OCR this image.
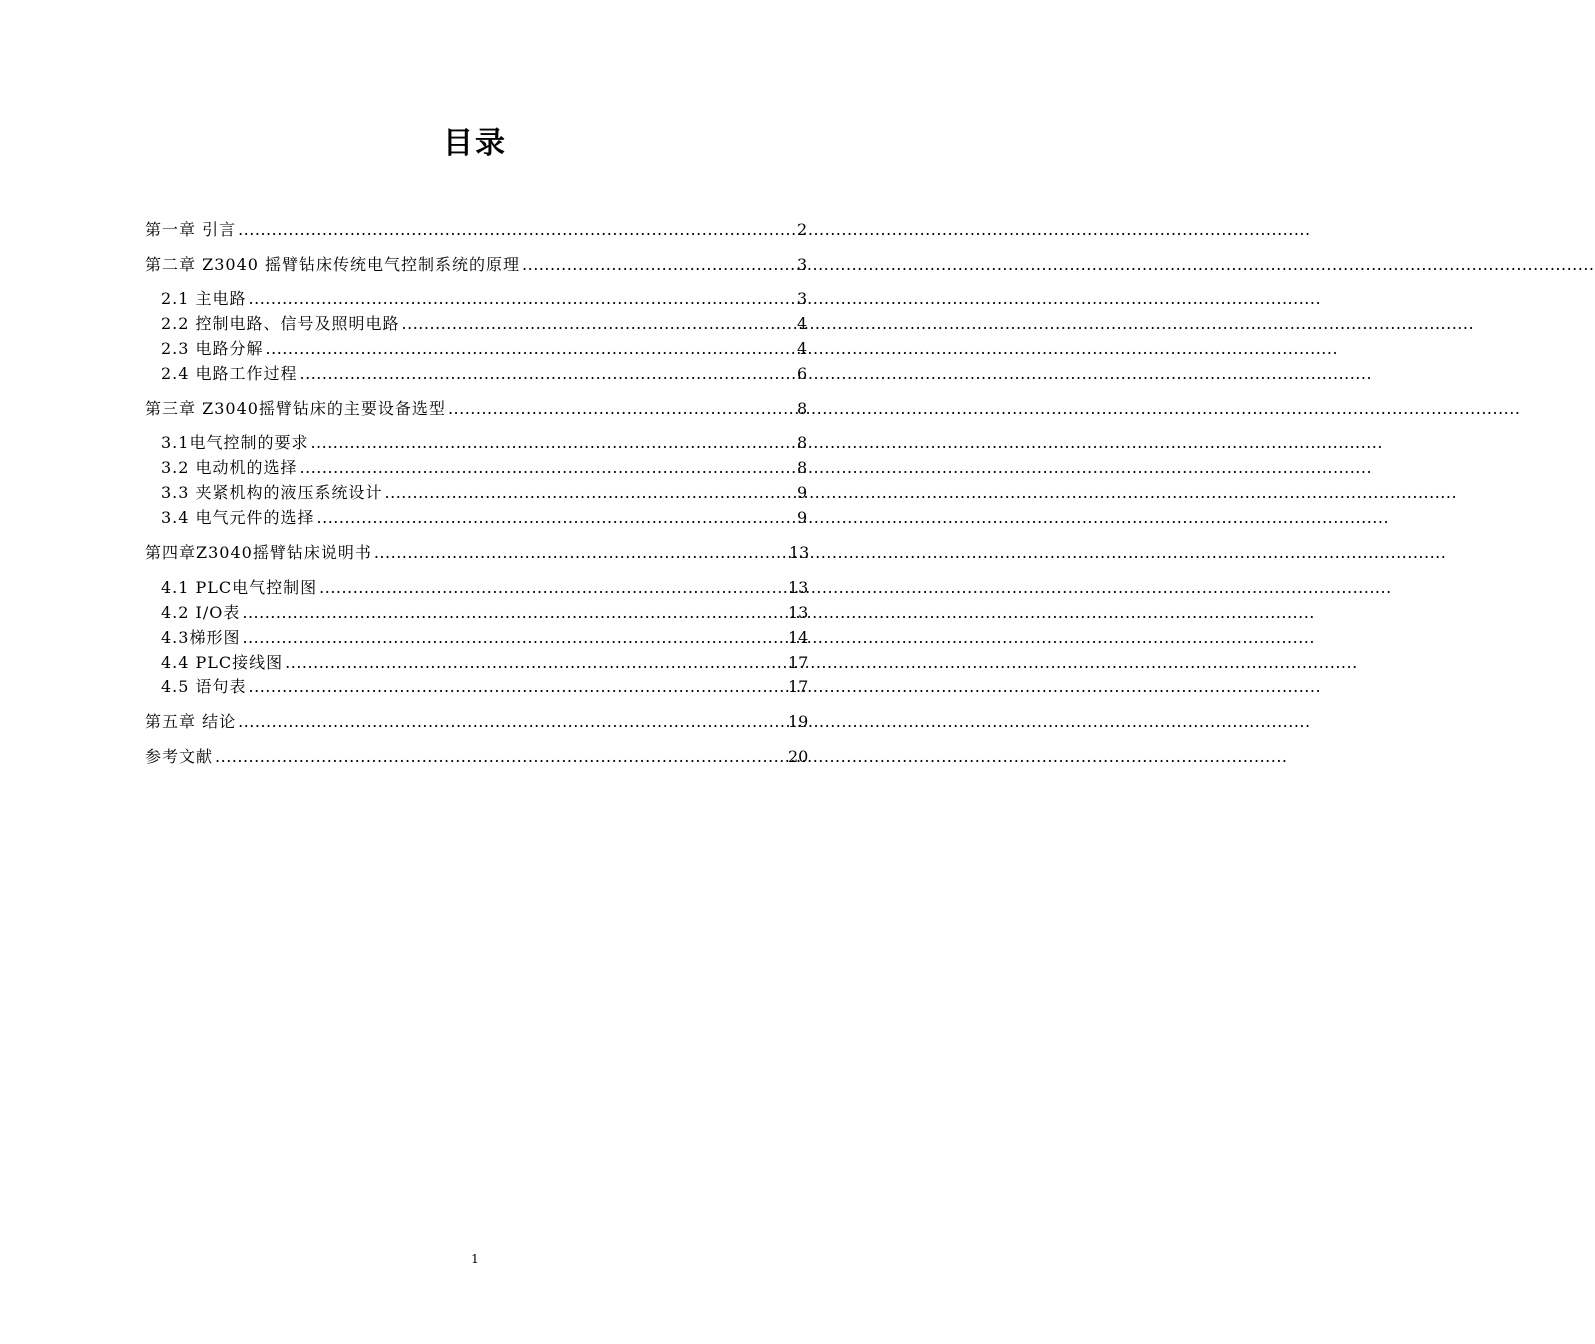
目录
第一章 引言 .....	2
第二章 Z3040 摇臂钻床传统电气控制系统的原理 .....	3
2.1 主电路 .....	3
2.2 控制电路、信号及照明电路 .....	4
2.3 电路分解 .....	4
2.4 电路工作过程 .....	6
第三章 Z3040摇臂钻床的主要设备选型 .....	8
3.1电气控制的要求 .....	8
3.2 电动机的选择 .....	8
3.3 夹紧机构的液压系统设计 .....	9
3.4 电气元件的选择 .....	9
第四章Z3040摇臂钻床说明书 .....	13
4.1 PLC电气控制图 .....	13
4.2 I/O表 .....	13
4.3梯形图 .....	14
4.4 PLC接线图 .....	17
4.5 语句表 .....	17
第五章 结论 .....	19
参考文献 .....	20
1
